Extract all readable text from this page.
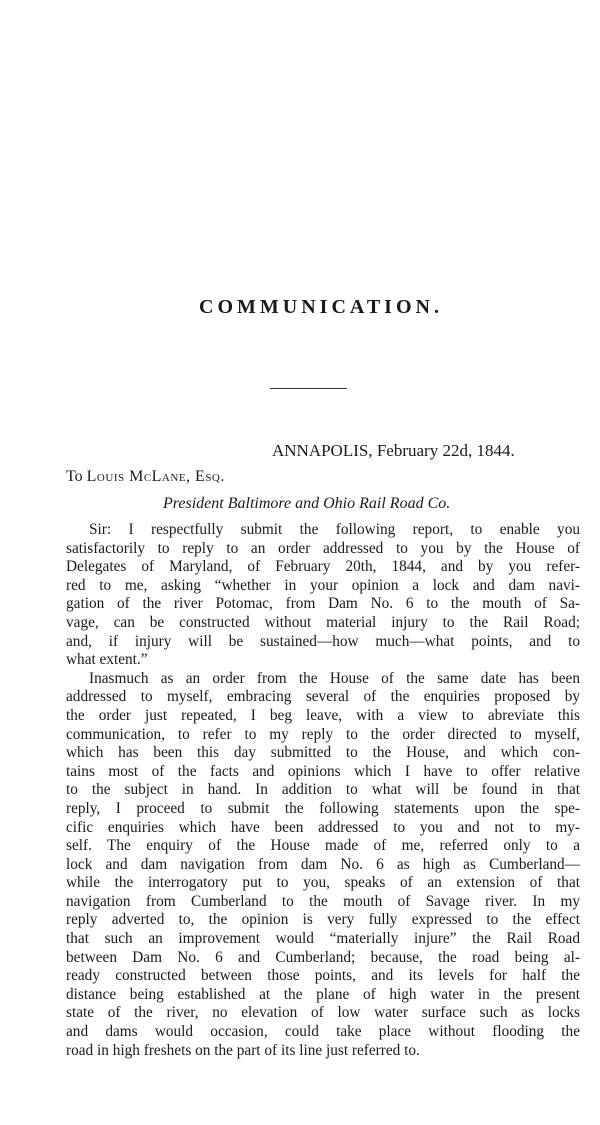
COMMUNICATION.

ANNAPOLIS, February 22d, 1844.

To Louis McLane, Esq.

President Baltimore and Ohio Rail Road Co.

Sir: I respectfully submit the following report, to enable you
satisfactorily to reply to an order addressed to you by the House of
Delegates of Maryland, of February 20th, 1844, and by you refer-
red to me, asking “whether in your opinion a lock and dam navi-
gation of the river Potomac, from Dam No. 6 to the mouth of Sa-
vage, can be constructed without material injury to the Rail Road;
and, if injury will be sustained—how much—what points, and to
what extent.”
Inasmuch as an order from the House of the same date has been
addressed to myself, embracing several of the enquiries proposed by
the order just repeated, I beg leave, with a view to abreviate this
communication, to refer to my reply to the order directed to myself,
which has been this day submitted to the House, and which con-
tains most of the facts and opinions which I have to offer relative
to the subject in hand. In addition to what will be found in that
reply, I proceed to submit the following statements upon the spe-
cific enquiries which have been addressed to you and not to my-
self. The enquiry of the House made of me, referred only to a
lock and dam navigation from dam No. 6 as high as Cumberland—
while the interrogatory put to you, speaks of an extension of that
navigation from Cumberland to the mouth of Savage river. In my
reply adverted to, the opinion is very fully expressed to the effect
that such an improvement would “materially injure” the Rail Road
between Dam No. 6 and Cumberland; because, the road being al-
ready constructed between those points, and its levels for half the
distance being established at the plane of high water in the present
state of the river, no elevation of low water surface such as locks
and dams would occasion, could take place without flooding the
road in high freshets on the part of its line just referred to.
